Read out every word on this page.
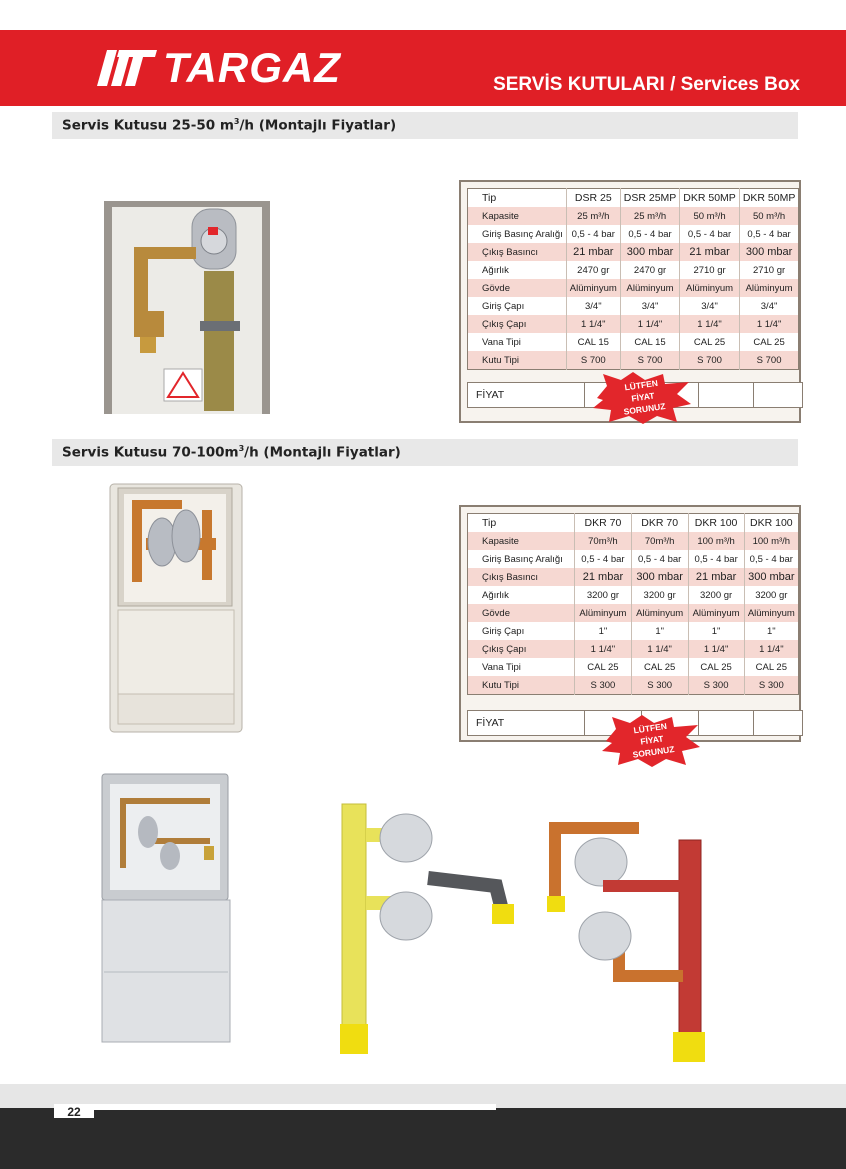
TARGAZ	SERVİS KUTULARI / Services Box
Servis Kutusu 25-50 $m^3/h$ (Montajlı Fiyatlar)
Tip	DSR 25	DSR 25MP	DKR 50MP	DKR 50MP
Kapasite	25 m³/h	25 m³/h	50 m³/h	50 m³/h
Giriş Basınç Aralığı	0,5 - 4 bar	0,5 - 4 bar	0,5 - 4 bar	0,5 - 4 bar
Çıkış Basıncı	21 mbar	300 mbar	21 mbar	300 mbar
Ağırlık	2470 gr	2470 gr	2710 gr	2710 gr
Gövde	Alüminyum	Alüminyum	Alüminyum	Alüminyum
Giriş Çapı	3/4"	3/4"	3/4"	3/4"
Çıkış Çapı	1 1/4"	1 1/4"	1 1/4"	1 1/4"
Vana Tipi	CAL 15	CAL 15	CAL 25	CAL 25
Kutu Tipi	S 700	S 700	S 700	S 700
FİYAT
LÜTFEN
FİYAT
SORUNUZ
Servis Kutusu $70-100m^3/h$ (Montajlı Fiyatlar)
Tip	DKR 70	DKR 70	DKR 100	DKR 100
Kapasite	70m³/h	70m³/h	100 m³/h	100 m³/h
Giriş Basınç Aralığı	0,5 - 4 bar	0,5 - 4 bar	0,5 - 4 bar	0,5 - 4 bar
Çıkış Basıncı	21 mbar	300 mbar	21 mbar	300 mbar
Ağırlık	3200 gr	3200 gr	3200 gr	3200 gr
Gövde	Alüminyum	Alüminyum	Alüminyum	Alüminyum
Giriş Çapı	1"	1"	1"	1"
Çıkış Çapı	1 1/4"	1 1/4"	1 1/4"	1 1/4"
Vana Tipi	CAL 25	CAL 25	CAL 25	CAL 25
Kutu Tipi	S 300	S 300	S 300	S 300
FİYAT	LÜTFEN
FİYAT
SORUNUZ
22
